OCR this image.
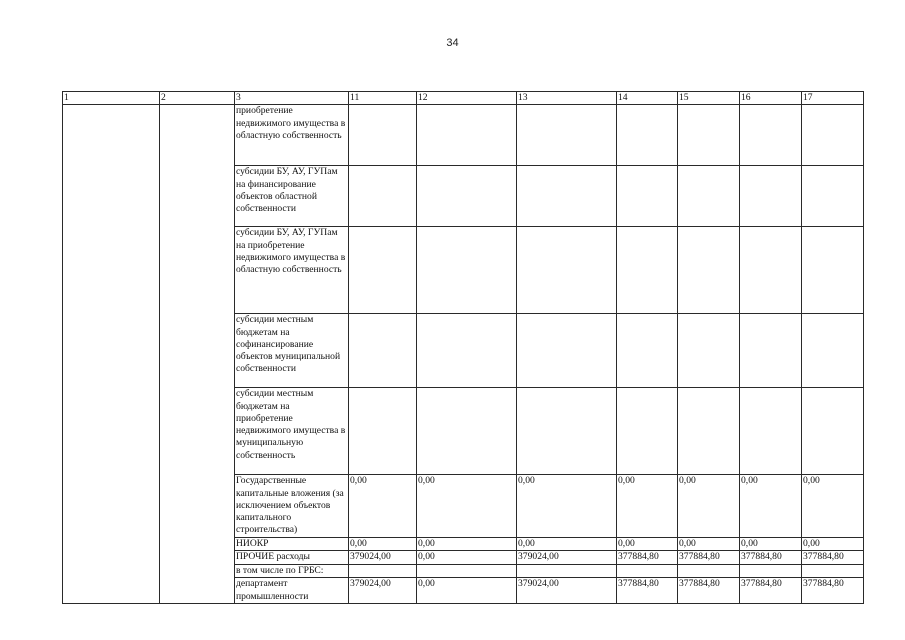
34
1	2	3	11	12	13	14	15	16	17
		приобретение недвижимого имущества в областную собственность							
		субсидии БУ, АУ, ГУПам на финансирование объектов областной собственности							
		субсидии БУ, АУ, ГУПам на приобретение недвижимого имущества в областную собственность							
		субсидии местным бюджетам на софинансирование объектов муниципальной собственности							
		субсидии местным бюджетам на приобретение недвижимого имущества в муниципальную собственность							
		Государственные капитальные вложения (за исключением объектов капитального строительства)	0,00	0,00	0,00	0,00	0,00	0,00	0,00
		НИОКР	0,00	0,00	0,00	0,00	0,00	0,00	0,00
		ПРОЧИЕ расходы	379024,00	0,00	379024,00	377884,80	377884,80	377884,80	377884,80
		в том числе по ГРБС:							
		департамент промышленности	379024,00	0,00	379024,00	377884,80	377884,80	377884,80	377884,80
